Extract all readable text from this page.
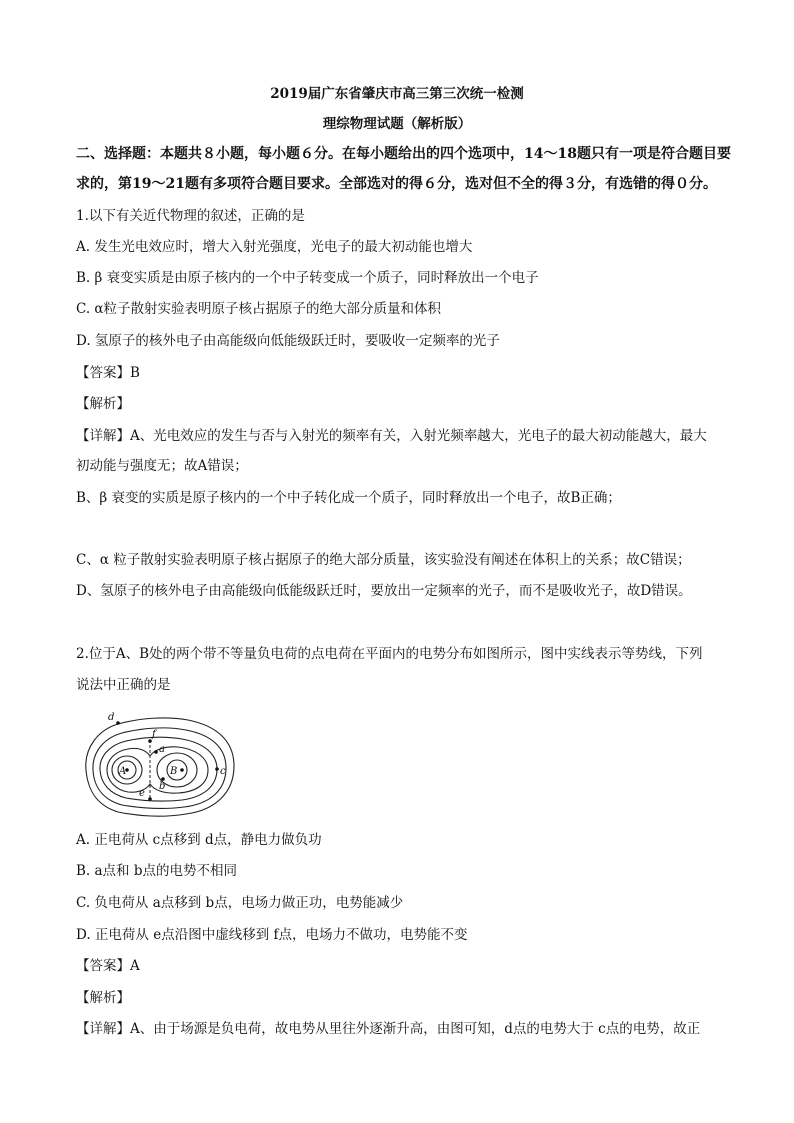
2019届广东省肇庆市高三第三次统一检测
理综物理试题（解析版）
二、选择题：本题共８小题，每小题６分。在每小题给出的四个选项中，14～18题只有一项是符合题目要
求的，第19～21题有多项符合题目要求。全部选对的得６分，选对但不全的得３分，有选错的得０分。
1.以下有关近代物理的叙述，正确的是
A. 发生光电效应时，增大入射光强度，光电子的最大初动能也增大
B. β 衰变实质是由原子核内的一个中子转变成一个质子，同时释放出一个电子
C. α粒子散射实验表明原子核占据原子的绝大部分质量和体积
D. 氢原子的核外电子由高能级向低能级跃迁时，要吸收一定频率的光子
【答案】B
【解析】
【详解】A、光电效应的发生与否与入射光的频率有关，入射光频率越大，光电子的最大初动能越大，最大
初动能与强度无；故A错误；
B、β 衰变的实质是原子核内的一个中子转化成一个质子，同时释放出一个电子，故B正确；
C、α 粒子散射实验表明原子核占据原子的绝大部分质量，该实验没有阐述在体积上的关系；故C错误；
D、氢原子的核外电子由高能级向低能级跃迁时，要放出一定频率的光子，而不是吸收光子，故D错误。
2.位于A、B处的两个带不等量负电荷的点电荷在平面内的电势分布如图所示，图中实线表示等势线，下列
说法中正确的是
d
f
a
A	B
b
c
e
A. 正电荷从 c点移到 d点，静电力做负功
B. a点和 b点的电势不相同
C. 负电荷从 a点移到 b点，电场力做正功，电势能减少
D. 正电荷从 e点沿图中虚线移到 f点，电场力不做功，电势能不变
【答案】A
【解析】
【详解】A、由于场源是负电荷，故电势从里往外逐渐升高，由图可知，d点的电势大于 c点的电势，故正
